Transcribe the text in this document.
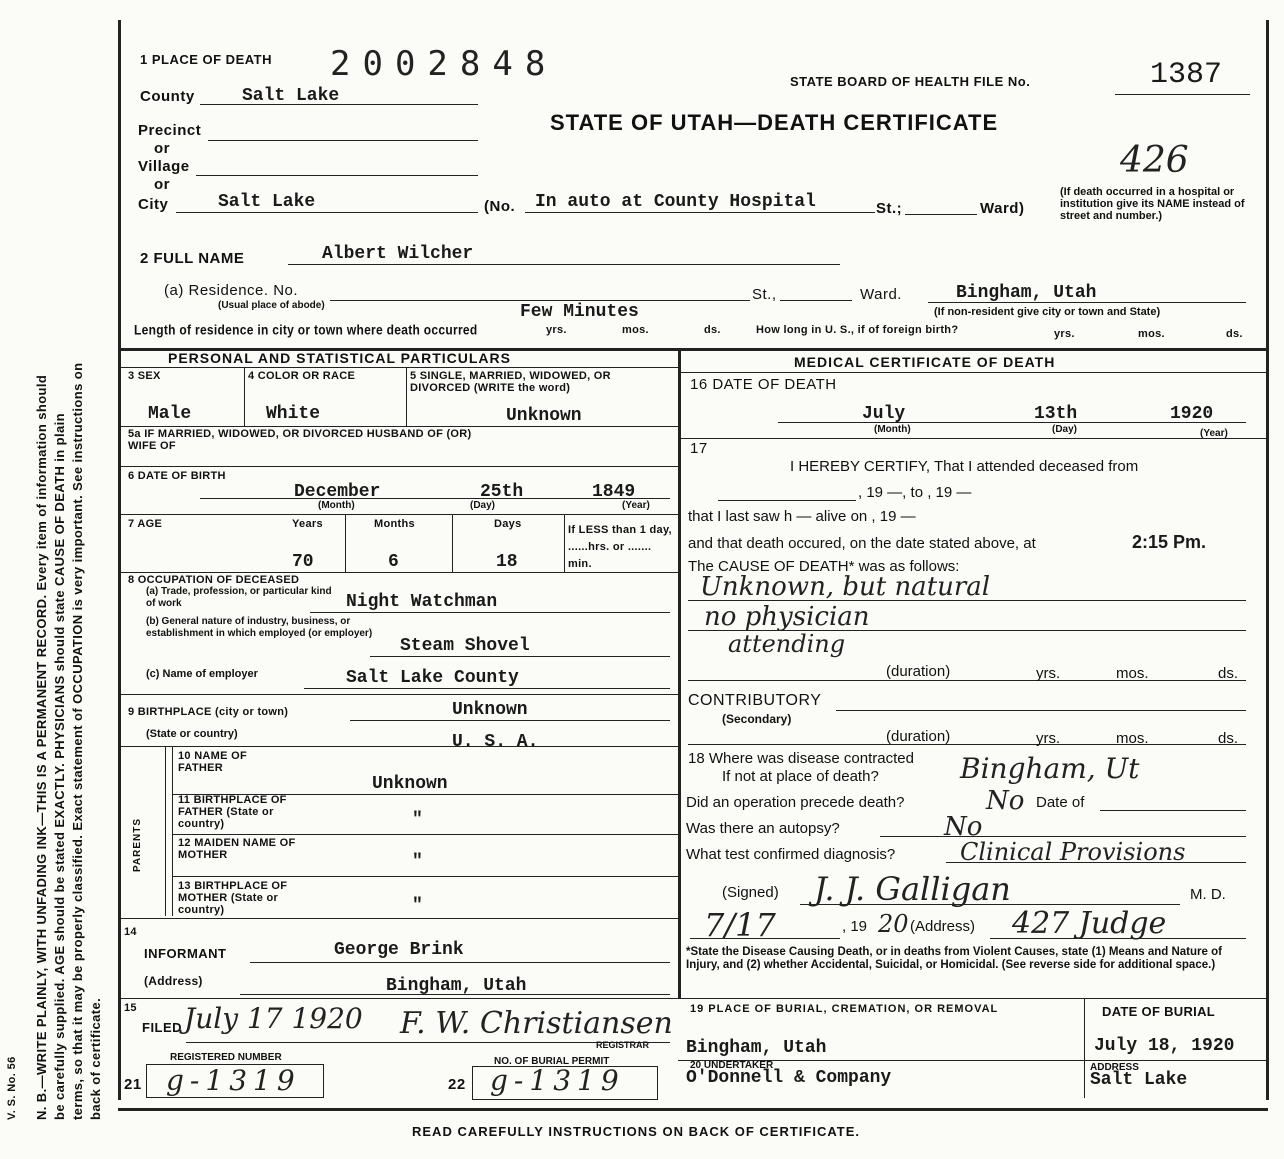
N. B.—WRITE PLAINLY, WITH UNFADING INK—THIS IS A PERMANENT RECORD. Every item of information should be carefully supplied. AGE should be stated EXACTLY. PHYSICIANS should state CAUSE OF DEATH in plain terms, so that it may be properly classified. Exact statement of OCCUPATION is very important. See instructions on back of certificate.
V. S. No. 56
1 PLACE OF DEATH 2002848	STATE BOARD OF HEALTH FILE No.	1387
STATE OF UTAH—DEATH CERTIFICATE
426
County	Salt Lake
Precinct
or
Village
or
City	Salt Lake	(No. In auto at County Hospital	St.;	Ward)
(If death occurred in a hospital or institution give its NAME instead of street and number.)
2 FULL NAME	Albert Wilcher
(a) Residence. No.
(Usual place of abode)
St.,	Ward.	Bingham, Utah
(If non-resident give city or town and State)
Length of residence in city or town where death occurred
Few Minutes
yrs.	mos.	ds.	How long in U. S., if of foreign birth?	yrs.	mos.	ds.
PERSONAL AND STATISTICAL PARTICULARS
3 SEX	4 COLOR OR RACE	5 SINGLE, MARRIED, WIDOWED, OR DIVORCED (WRITE the word)
Male	White	Unknown
5a IF MARRIED, WIDOWED, OR DIVORCED HUSBAND OF (OR) WIFE OF
6 DATE OF BIRTH
December	25th	1849
(Month)	(Day)	(Year)
7 AGE	Years	Months	Days	If LESS than 1 day, ......hrs. or ....... min.
70	6	18
8 OCCUPATION OF DECEASED
(a) Trade, profession, or particular kind of work	Night Watchman
(b) General nature of industry, business, or establishment in which employed (or employer)
Steam Shovel
(c) Name of employer	Salt Lake County
9 BIRTHPLACE (city or town)	Unknown
(State or country)	U. S. A.
PARENTS
10 NAME OF FATHER
Unknown
11 BIRTHPLACE OF FATHER (State or country)	"
12 MAIDEN NAME OF MOTHER	"
13 BIRTHPLACE OF MOTHER (State or country)	"
14
INFORMANT	George Brink
(Address)	Bingham, Utah
15
FILED July 17 1920 F. W. Christiansen
REGISTRAR
REGISTERED NUMBER
21 g-1319
NO. OF BURIAL PERMIT
22 g-1319
MEDICAL CERTIFICATE OF DEATH
16 DATE OF DEATH
July	13th	1920
(Month)	(Day)	(Year)
17
I HEREBY CERTIFY, That I attended deceased from
, 19 —, to , 19 —
that I last saw h — alive on , 19 —
and that death occured, on the date stated above, at	2:15 Pm.
The CAUSE OF DEATH* was as follows:
Unknown, but natural
no physician
attending
(duration)	yrs.	mos.	ds.
CONTRIBUTORY
(Secondary)
(duration)	yrs.	mos.	ds.
18 Where was disease contracted
If not at place of death?	Bingham, Ut
Did an operation precede death?	No Date of
Was there an autopsy?	No
What test confirmed diagnosis?	Clinical Provisions
(Signed) J. J. Galligan	M. D.
7/17	, 19 20 (Address) 427 Judge
*State the Disease Causing Death, or in deaths from Violent Causes, state (1) Means and Nature of Injury, and (2) whether Accidental, Suicidal, or Homicidal. (See reverse side for additional space.)
19 PLACE OF BURIAL, CREMATION, OR REMOVAL
Bingham, Utah
DATE OF BURIAL
July 18, 1920
20 UNDERTAKER
O'Donnell & Company
ADDRESS
Salt Lake
READ CAREFULLY INSTRUCTIONS ON BACK OF CERTIFICATE.
